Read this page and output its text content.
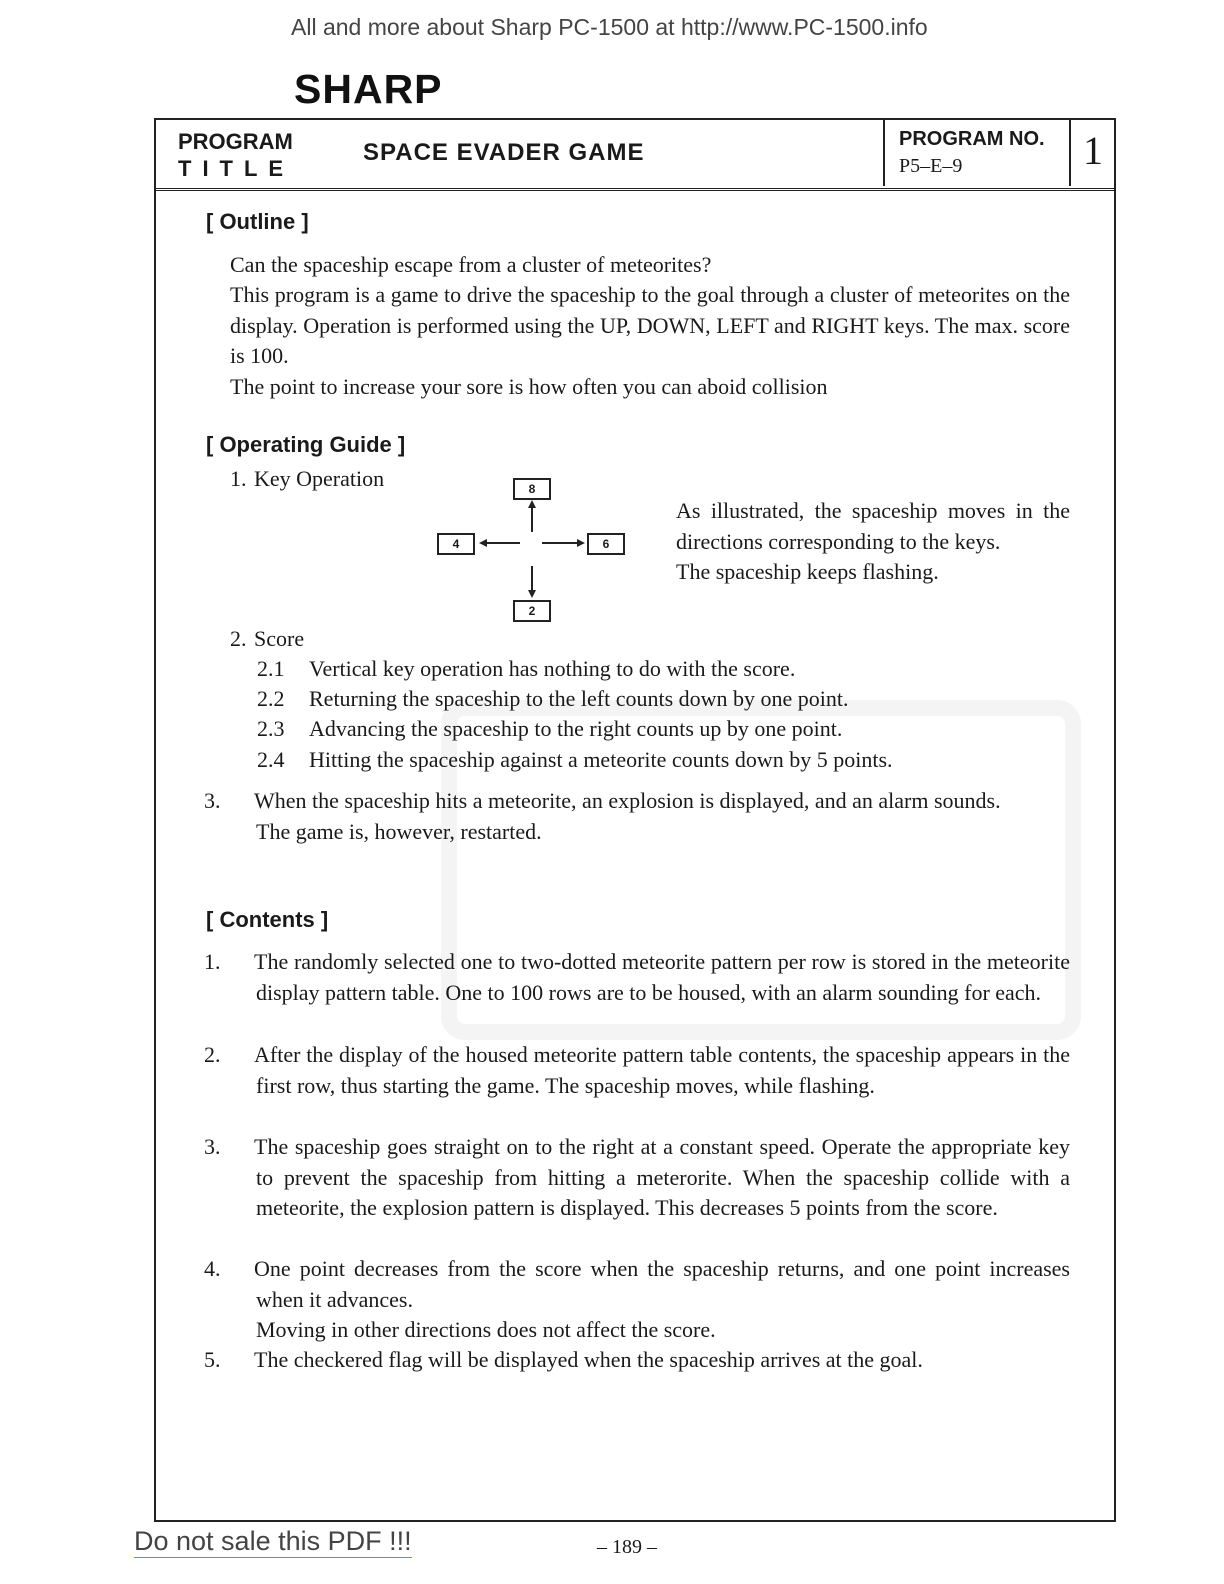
All and more about Sharp PC-1500 at http://www.PC-1500.info
SHARP
PROGRAM
TITLE
SPACE EVADER GAME	PROGRAM NO.
P5–E–9	1
[ Outline ]

Can the spaceship escape from a cluster of meteorites?

This program is a game to drive the spaceship to the goal through a cluster of meteorites on the display. Operation is performed using the UP, DOWN, LEFT and RIGHT keys. The max. score is 100.

The point to increase your sore is how often you can aboid collision

[ Operating Guide ]
1. Key Operation	8
2
4	6
As illustrated, the spaceship moves in the directions corresponding to the keys.
The spaceship keeps flashing.
2. Score
2.1 Vertical key operation has nothing to do with the score.
2.2 Returning the spaceship to the left counts down by one point.
2.3 Advancing the spaceship to the right counts up by one point.
2.4 Hitting the spaceship against a meteorite counts down by 5 points.
3. When the spaceship hits a meteorite, an explosion is displayed, and an alarm sounds.
The game is, however, restarted.
[ Contents ]

1. The randomly selected one to two-dotted meteorite pattern per row is stored in the meteorite display pattern table. One to 100 rows are to be housed, with an alarm sounding for each.

2. After the display of the housed meteorite pattern table contents, the spaceship appears in the first row, thus starting the game. The spaceship moves, while flashing.

3. The spaceship goes straight on to the right at a constant speed. Operate the appropriate key to prevent the spaceship from hitting a meterorite. When the spaceship collide with a meteorite, the explosion pattern is displayed. This decreases 5 points from the score.

4. One point decreases from the score when the spaceship returns, and one point increases when it advances.
Moving in other directions does not affect the score.

5. The checkered flag will be displayed when the spaceship arrives at the goal.

Do not sale this PDF !!!	– 189 –
